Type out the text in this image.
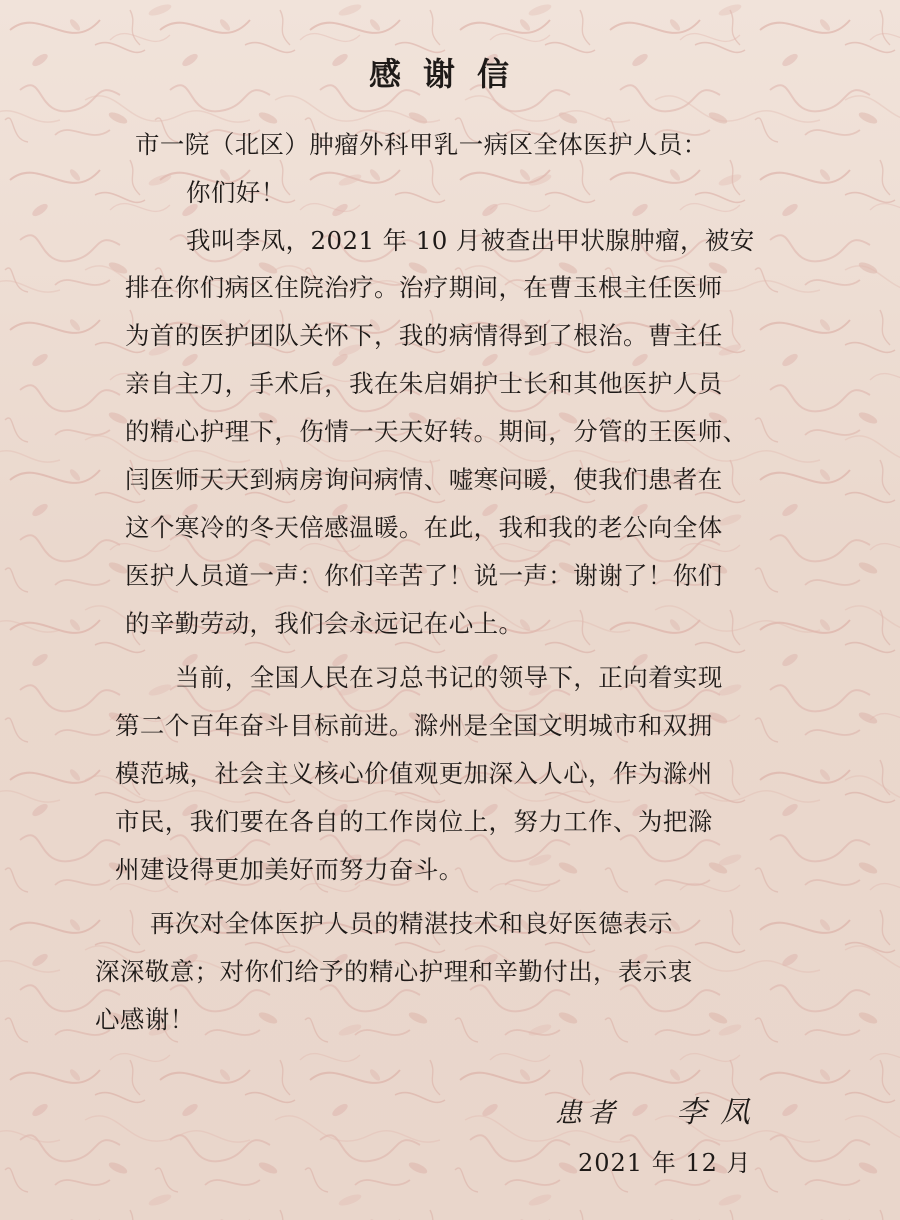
感谢信
市一院（北区）肿瘤外科甲乳一病区全体医护人员：
你们好！
我叫李凤，2021 年 10 月被查出甲状腺肿瘤，被安
排在你们病区住院治疗。治疗期间，在曹玉根主任医师
为首的医护团队关怀下，我的病情得到了根治。曹主任
亲自主刀，手术后，我在朱启娟护士长和其他医护人员
的精心护理下，伤情一天天好转。期间，分管的王医师、
闫医师天天到病房询问病情、嘘寒问暖，使我们患者在
这个寒冷的冬天倍感温暖。在此，我和我的老公向全体
医护人员道一声：你们辛苦了！说一声：谢谢了！你们
的辛勤劳动，我们会永远记在心上。
当前，全国人民在习总书记的领导下，正向着实现
第二个百年奋斗目标前进。滁州是全国文明城市和双拥
模范城，社会主义核心价值观更加深入人心，作为滁州
市民，我们要在各自的工作岗位上，努力工作、为把滁
州建设得更加美好而努力奋斗。
再次对全体医护人员的精湛技术和良好医德表示
深深敬意；对你们给予的精心护理和辛勤付出，表示衷
心感谢！
患者 李凤
2021 年 12 月
